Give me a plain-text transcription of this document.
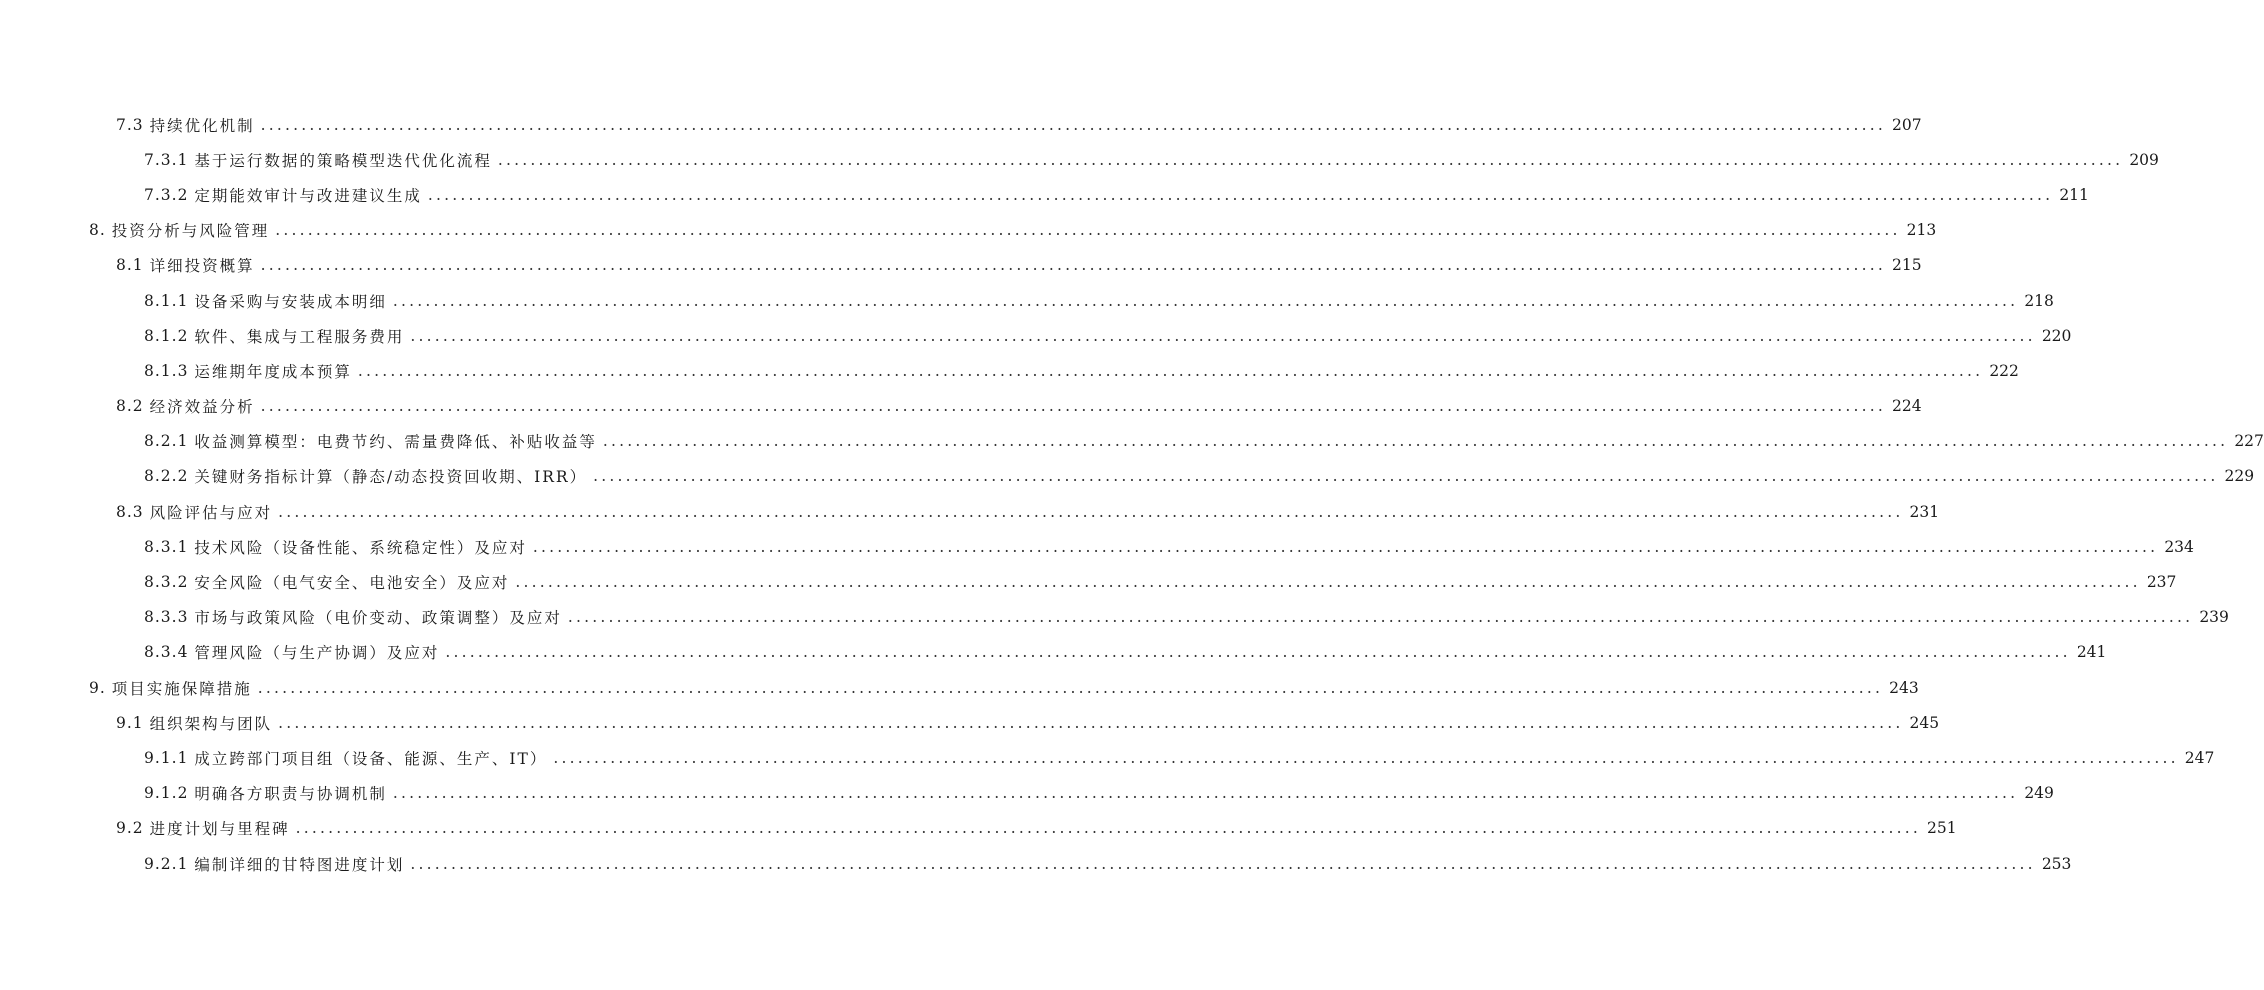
7.3
持续优化机制 ........................................................................................................................................................................................................ 207
7.3.1
基于运行数据的策略模型迭代优化流程 ........................................................................................................................................................................................................ 209
7.3.2
定期能效审计与改进建议生成 ........................................................................................................................................................................................................ 211
8.
投资分析与风险管理 ........................................................................................................................................................................................................ 213
8.1
详细投资概算 ........................................................................................................................................................................................................ 215
8.1.1
设备采购与安装成本明细 ........................................................................................................................................................................................................ 218
8.1.2
软件、集成与工程服务费用 ........................................................................................................................................................................................................ 220
8.1.3
运维期年度成本预算 ........................................................................................................................................................................................................ 222
8.2
经济效益分析 ........................................................................................................................................................................................................ 224
8.2.1
收益测算模型：电费节约、需量费降低、补贴收益等 ........................................................................................................................................................................................................ 227
8.2.2
关键财务指标计算（静态/动态投资回收期、IRR） ........................................................................................................................................................................................................ 229
8.3
风险评估与应对 ........................................................................................................................................................................................................ 231
8.3.1
技术风险（设备性能、系统稳定性）及应对 ........................................................................................................................................................................................................ 234
8.3.2
安全风险（电气安全、电池安全）及应对 ........................................................................................................................................................................................................ 237
8.3.3
市场与政策风险（电价变动、政策调整）及应对 ........................................................................................................................................................................................................ 239
8.3.4
管理风险（与生产协调）及应对 ........................................................................................................................................................................................................ 241
9.
项目实施保障措施 ........................................................................................................................................................................................................ 243
9.1
组织架构与团队 ........................................................................................................................................................................................................ 245
9.1.1
成立跨部门项目组（设备、能源、生产、IT） ........................................................................................................................................................................................................ 247
9.1.2
明确各方职责与协调机制 ........................................................................................................................................................................................................ 249
9.2
进度计划与里程碑 ........................................................................................................................................................................................................ 251
9.2.1
编制详细的甘特图进度计划 ........................................................................................................................................................................................................ 253
